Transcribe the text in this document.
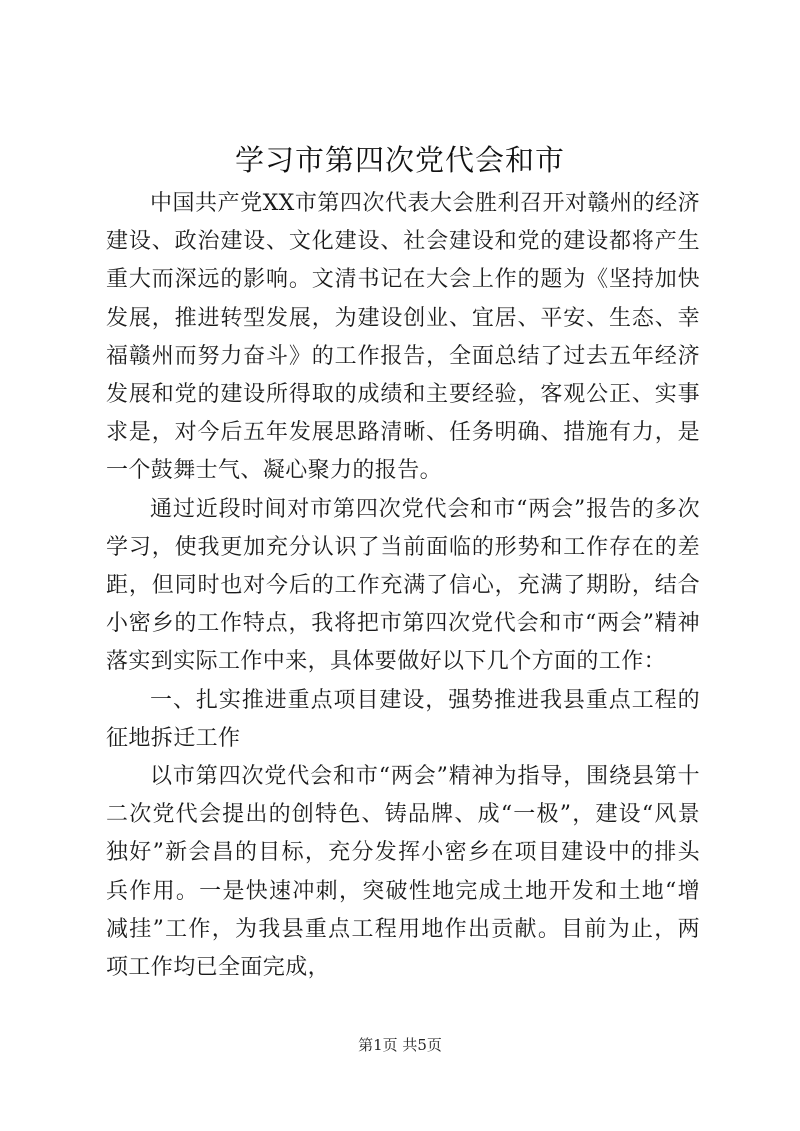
学习市第四次党代会和市

中国共产党XX市第四次代表大会胜利召开对赣州的经济建设、政治建设、文化建设、社会建设和党的建设都将产生重大而深远的影响。文清书记在大会上作的题为《坚持加快发展，推进转型发展，为建设创业、宜居、平安、生态、幸福赣州而努力奋斗》的工作报告，全面总结了过去五年经济发展和党的建设所得取的成绩和主要经验，客观公正、实事求是，对今后五年发展思路清晰、任务明确、措施有力，是一个鼓舞士气、凝心聚力的报告。

通过近段时间对市第四次党代会和市“两会”报告的多次学习，使我更加充分认识了当前面临的形势和工作存在的差距，但同时也对今后的工作充满了信心，充满了期盼，结合小密乡的工作特点，我将把市第四次党代会和市“两会”精神落实到实际工作中来，具体要做好以下几个方面的工作：

一、扎实推进重点项目建设，强势推进我县重点工程的征地拆迁工作

以市第四次党代会和市“两会”精神为指导，围绕县第十二次党代会提出的创特色、铸品牌、成“一极”，建设“风景独好”新会昌的目标，充分发挥小密乡在项目建设中的排头兵作用。一是快速冲刺，突破性地完成土地开发和土地“增减挂”工作，为我县重点工程用地作出贡献。目前为止，两项工作均已全面完成，

第1页 共5页
